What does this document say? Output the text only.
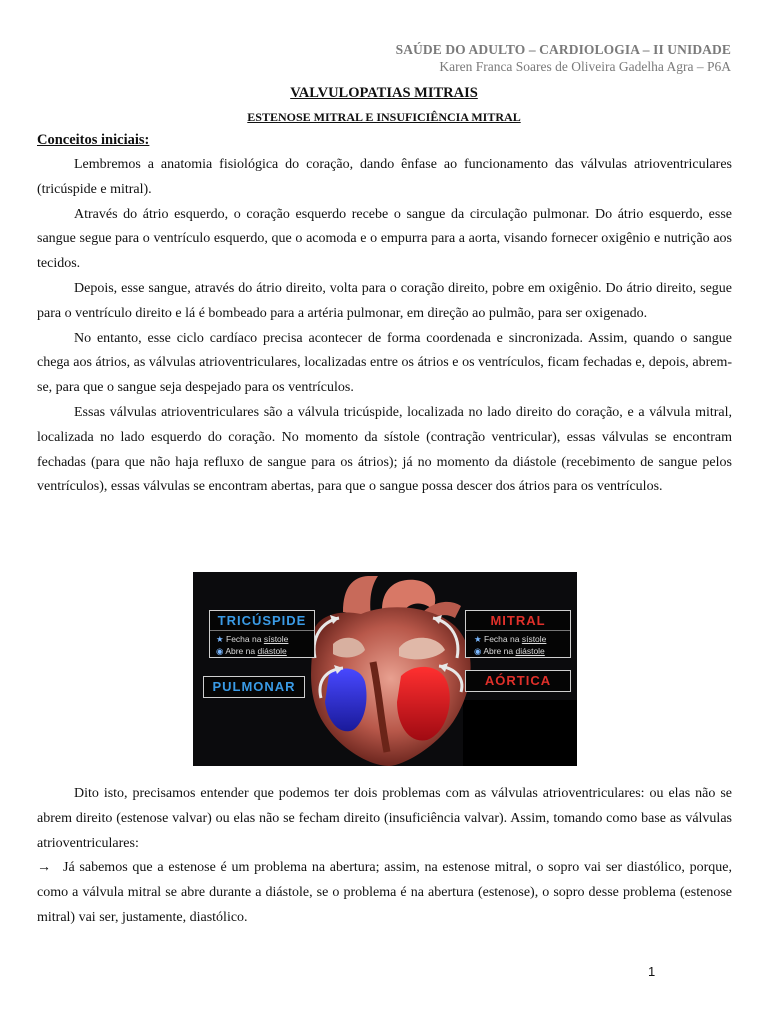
SAÚDE DO ADULTO – CARDIOLOGIA – II UNIDADE
Karen Franca Soares de Oliveira Gadelha Agra – P6A
VALVULOPATIAS MITRAIS
ESTENOSE MITRAL E INSUFICIÊNCIA MITRAL
Conceitos iniciais:

Lembremos a anatomia fisiológica do coração, dando ênfase ao funcionamento das válvulas atrioventriculares (tricúspide e mitral).

Através do átrio esquerdo, o coração esquerdo recebe o sangue da circulação pulmonar. Do átrio esquerdo, esse sangue segue para o ventrículo esquerdo, que o acomoda e o empurra para a aorta, visando fornecer oxigênio e nutrição aos tecidos.

Depois, esse sangue, através do átrio direito, volta para o coração direito, pobre em oxigênio. Do átrio direito, segue para o ventrículo direito e lá é bombeado para a artéria pulmonar, em direção ao pulmão, para ser oxigenado.

No entanto, esse ciclo cardíaco precisa acontecer de forma coordenada e sincronizada. Assim, quando o sangue chega aos átrios, as válvulas atrioventriculares, localizadas entre os átrios e os ventrículos, ficam fechadas e, depois, abrem-se, para que o sangue seja despejado para os ventrículos.

Essas válvulas atrioventriculares são a válvula tricúspide, localizada no lado direito do coração, e a válvula mitral, localizada no lado esquerdo do coração. No momento da sístole (contração ventricular), essas válvulas se encontram fechadas (para que não haja refluxo de sangue para os átrios); já no momento da diástole (recebimento de sangue pelos ventrículos), essas válvulas se encontram abertas, para que o sangue possa descer dos átrios para os ventrículos.

TRICÚSPIDE
★ Fecha na sístole
◉ Abre na diástole
MITRAL
★ Fecha na sístole
◉ Abre na diástole
PULMONAR	AÓRTICA

Dito isto, precisamos entender que podemos ter dois problemas com as válvulas atrioventriculares: ou elas não se abrem direito (estenose valvar) ou elas não se fecham direito (insuficiência valvar). Assim, tomando como base as válvulas atrioventriculares:

→ Já sabemos que a estenose é um problema na abertura; assim, na estenose mitral, o sopro vai ser diastólico, porque, como a válvula mitral se abre durante a diástole, se o problema é na abertura (estenose), o sopro desse problema (estenose mitral) vai ser, justamente, diastólico.

1
